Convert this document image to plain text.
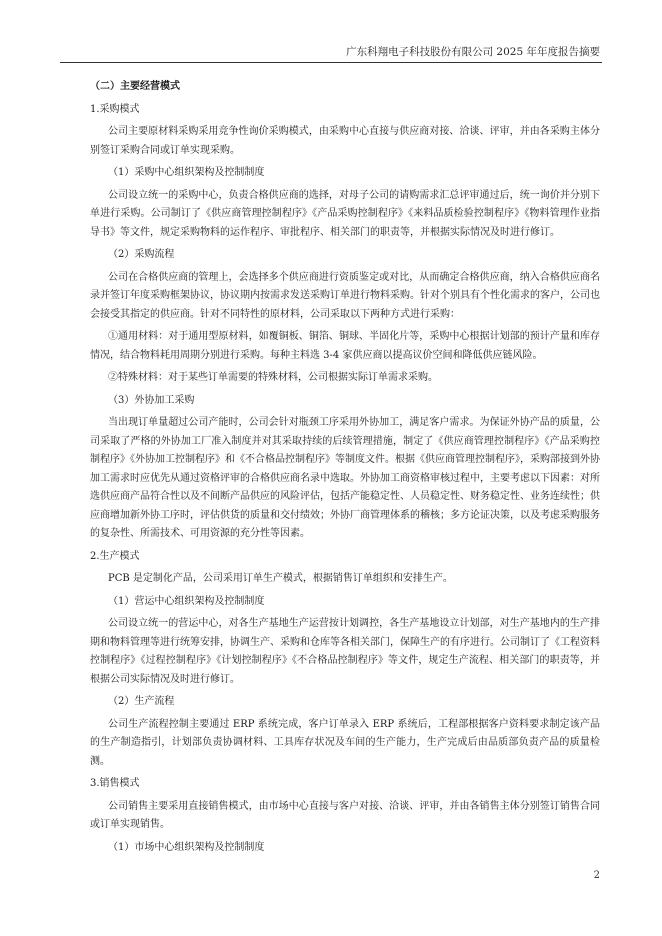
广东科翔电子科技股份有限公司 2025 年年度报告摘要

（二）主要经营模式

1.采购模式

公司主要原材料采购采用竞争性询价采购模式，由采购中心直接与供应商对接、洽谈、评审，并由各采购主体分别签订采购合同或订单实现采购。

（1）采购中心组织架构及控制制度

公司设立统一的采购中心，负责合格供应商的选择，对母子公司的请购需求汇总评审通过后，统一询价并分别下单进行采购。公司制订了《供应商管理控制程序》《产品采购控制程序》《来料品质检验控制程序》《物料管理作业指导书》等文件，规定采购物料的运作程序、审批程序、相关部门的职责等，并根据实际情况及时进行修订。

（2）采购流程

公司在合格供应商的管理上，会选择多个供应商进行资质鉴定或对比，从而确定合格供应商，纳入合格供应商名录并签订年度采购框架协议，协议期内按需求发送采购订单进行物料采购。针对个别具有个性化需求的客户，公司也会接受其指定的供应商。针对不同特性的原材料，公司采取以下两种方式进行采购：

①通用材料：对于通用型原材料，如覆铜板、铜箔、铜球、半固化片等，采购中心根据计划部的预计产量和库存情况，结合物料耗用周期分别进行采购。每种主料选 3-4 家供应商以提高议价空间和降低供应链风险。

②特殊材料：对于某些订单需要的特殊材料，公司根据实际订单需求采购。

（3）外协加工采购

当出现订单量超过公司产能时，公司会针对瓶颈工序采用外协加工，满足客户需求。为保证外协产品的质量，公司采取了严格的外协加工厂准入制度并对其采取持续的后续管理措施，制定了《供应商管理控制程序》《产品采购控制程序》《外协加工控制程序》和《不合格品控制程序》等制度文件。根据《供应商管理控制程序》，采购部接到外协加工需求时应优先从通过资格评审的合格供应商名录中选取。外协加工商资格审核过程中，主要考虑以下因素：对所选供应商产品符合性以及不间断产品供应的风险评估，包括产能稳定性、人员稳定性、财务稳定性、业务连续性；供应商增加新外协工序时，评估供货的质量和交付绩效；外协厂商管理体系的稽核；多方论证决策，以及考虑采购服务的复杂性、所需技术、可用资源的充分性等因素。

2.生产模式

PCB 是定制化产品，公司采用订单生产模式，根据销售订单组织和安排生产。

（1）营运中心组织架构及控制制度

公司设立统一的营运中心，对各生产基地生产运营按计划调控，各生产基地设立计划部，对生产基地内的生产排期和物料管理等进行统筹安排，协调生产、采购和仓库等各相关部门，保障生产的有序进行。公司制订了《工程资料控制程序》《过程控制程序》《计划控制程序》《不合格品控制程序》等文件，规定生产流程、相关部门的职责等，并根据公司实际情况及时进行修订。

（2）生产流程

公司生产流程控制主要通过 ERP 系统完成，客户订单录入 ERP 系统后，工程部根据客户资料要求制定该产品的生产制造指引，计划部负责协调材料、工具库存状况及车间的生产能力，生产完成后由品质部负责产品的质量检测。

3.销售模式

公司销售主要采用直接销售模式，由市场中心直接与客户对接、洽谈、评审，并由各销售主体分别签订销售合同或订单实现销售。

（1）市场中心组织架构及控制制度

2
